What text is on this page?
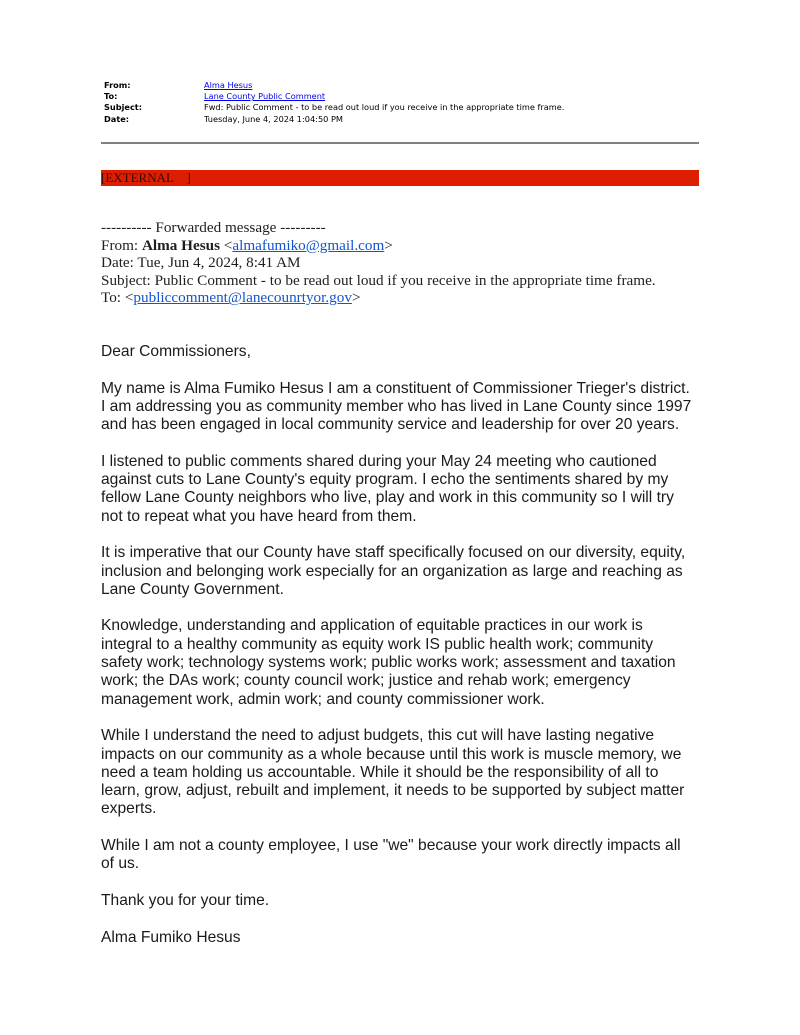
From:	Alma Hesus
To:	Lane County Public Comment
Subject:	Fwd: Public Comment - to be read out loud if you receive in the appropriate time frame.
Date:	Tuesday, June 4, 2024 1:04:50 PM
[EXTERNAL    ]
---------- Forwarded message ---------
From: Alma Hesus <almafumiko@gmail.com>
Date: Tue, Jun 4, 2024, 8:41 AM
Subject: Public Comment - to be read out loud if you receive in the appropriate time frame.
To: <publiccomment@lanecounrtyor.gov>

Dear Commissioners,

My name is Alma Fumiko Hesus I am a constituent of Commissioner Trieger's district.
I am addressing you as community member who has lived in Lane County since 1997
and has been engaged in local community service and leadership for over 20 years.

I listened to public comments shared during your May 24 meeting who cautioned
against cuts to Lane County's equity program. I echo the sentiments shared by my
fellow Lane County neighbors who live, play and work in this community so I will try
not to repeat what you have heard from them.

It is imperative that our County have staff specifically focused on our diversity, equity,
inclusion and belonging work especially for an organization as large and reaching as
Lane County Government.

Knowledge, understanding and application of equitable practices in our work is
integral to a healthy community as equity work IS public health work; community
safety work; technology systems work; public works work; assessment and taxation
work; the DAs work; county council work; justice and rehab work; emergency
management work, admin work; and county commissioner work.

While I understand the need to adjust budgets, this cut will have lasting negative
impacts on our community as a whole because until this work is muscle memory, we
need a team holding us accountable. While it should be the responsibility of all to
learn, grow, adjust, rebuilt and implement, it needs to be supported by subject matter
experts.

While I am not a county employee, I use "we" because your work directly impacts all
of us.

Thank you for your time.

Alma Fumiko Hesus
